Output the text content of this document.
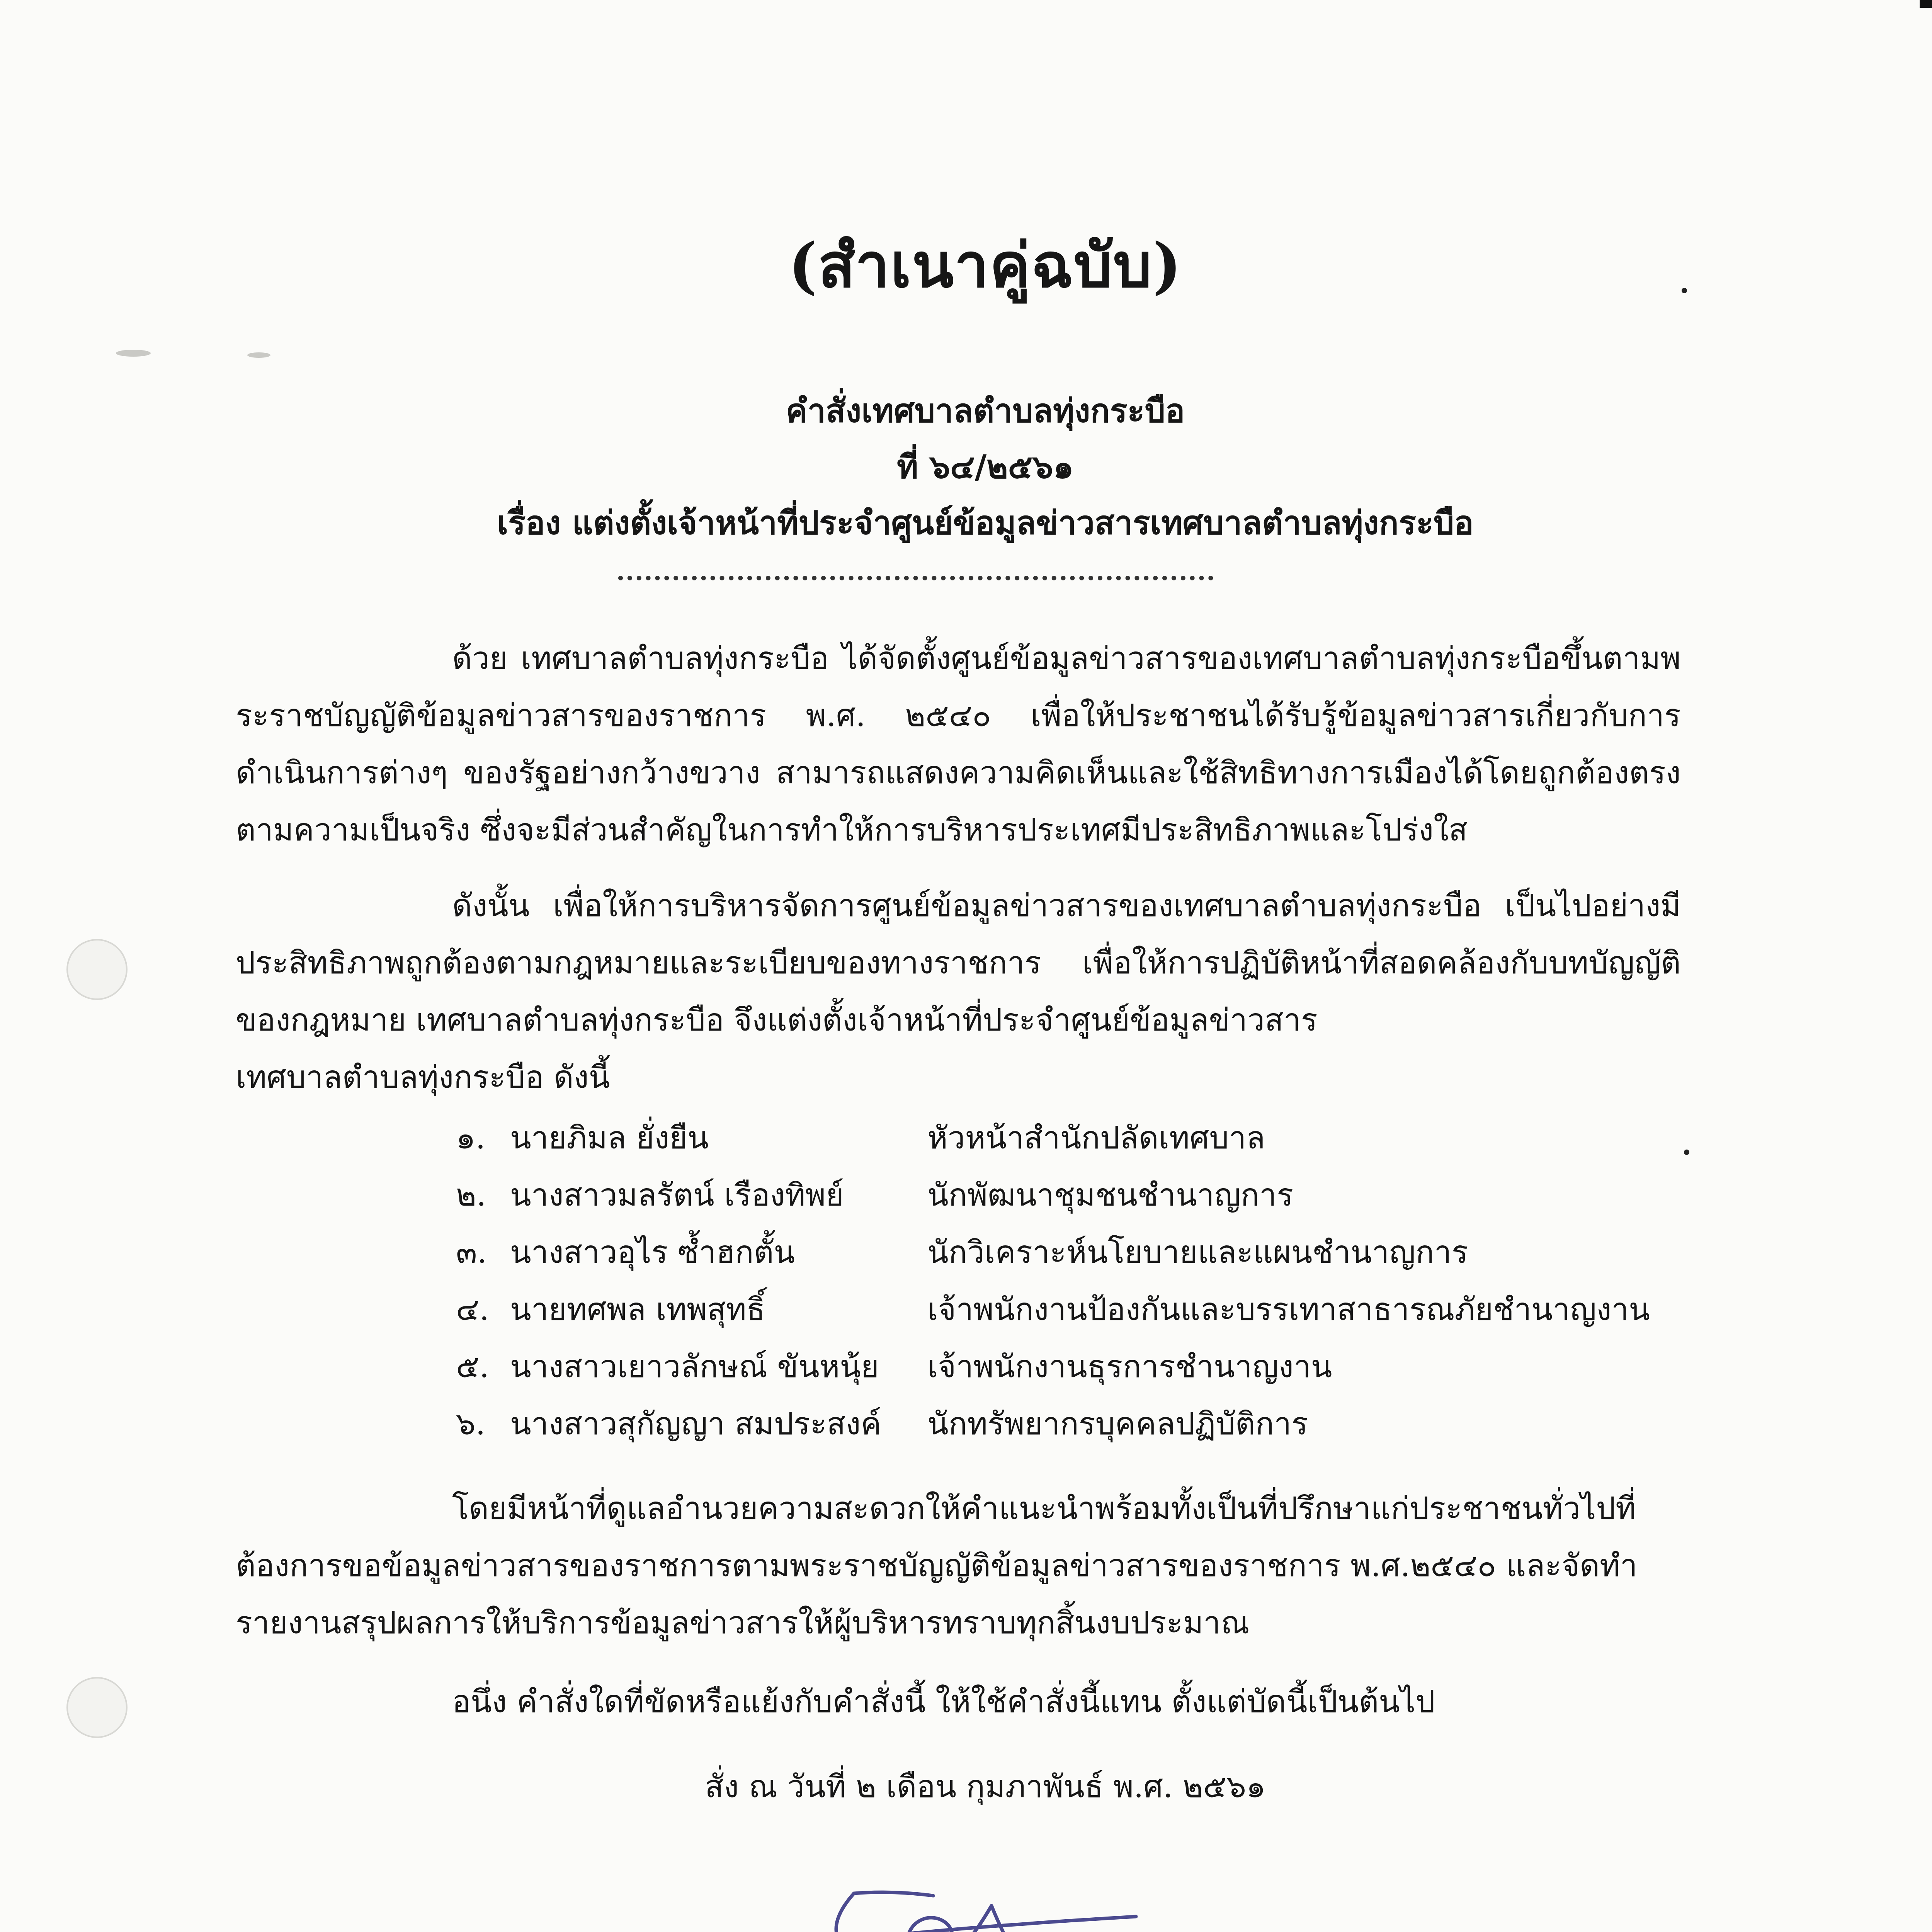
(สำเนาคู่ฉบับ)
คำสั่งเทศบาลตำบลทุ่งกระบือ
ที่ ๖๔/๒๕๖๑
เรื่อง แต่งตั้งเจ้าหน้าที่ประจำศูนย์ข้อมูลข่าวสารเทศบาลตำบลทุ่งกระบือ

ด้วย เทศบาลตำบลทุ่งกระบือ ได้จัดตั้งศูนย์ข้อมูลข่าวสารของเทศบาลตำบลทุ่งกระบือขึ้นตามพระราชบัญญัติข้อมูลข่าวสารของราชการ พ.ศ. ๒๕๔๐ เพื่อให้ประชาชนได้รับรู้ข้อมูลข่าวสารเกี่ยวกับการดำเนินการต่างๆ ของรัฐอย่างกว้างขวาง สามารถแสดงความคิดเห็นและใช้สิทธิทางการเมืองได้โดยถูกต้องตรงตามความเป็นจริง ซึ่งจะมีส่วนสำคัญในการทำให้การบริหารประเทศมีประสิทธิภาพและโปร่งใส

ดังนั้น เพื่อให้การบริหารจัดการศูนย์ข้อมูลข่าวสารของเทศบาลตำบลทุ่งกระบือ เป็นไปอย่างมีประสิทธิภาพถูกต้องตามกฎหมายและระเบียบของทางราชการ เพื่อให้การปฏิบัติหน้าที่สอดคล้องกับบทบัญญัติของกฎหมาย เทศบาลตำบลทุ่งกระบือ จึงแต่งตั้งเจ้าหน้าที่ประจำศูนย์ข้อมูลข่าวสาร

เทศบาลตำบลทุ่งกระบือ ดังนี้

๑. นายภิมล ยั่งยืน	หัวหน้าสำนักปลัดเทศบาล
๒. นางสาวมลรัตน์ เรืองทิพย์	นักพัฒนาชุมชนชำนาญการ
๓. นางสาวอุไร ซ้ำฮกตั้น	นักวิเคราะห์นโยบายและแผนชำนาญการ
๔. นายทศพล เทพสุทธิ์	เจ้าพนักงานป้องกันและบรรเทาสาธารณภัยชำนาญงาน
๕. นางสาวเยาวลักษณ์ ขันหนุ้ย	เจ้าพนักงานธุรการชำนาญงาน
๖. นางสาวสุกัญญา สมประสงค์	นักทรัพยากรบุคคลปฏิบัติการ

โดยมีหน้าที่ดูแลอำนวยความสะดวกให้คำแนะนำพร้อมทั้งเป็นที่ปรึกษาแก่ประชาชนทั่วไปที่ต้องการขอข้อมูลข่าวสารของราชการตามพระราชบัญญัติข้อมูลข่าวสารของราชการ พ.ศ.๒๕๔๐ และจัดทำ

รายงานสรุปผลการให้บริการข้อมูลข่าวสารให้ผู้บริหารทราบทุกสิ้นงบประมาณ

อนึ่ง คำสั่งใดที่ขัดหรือแย้งกับคำสั่งนี้ ให้ใช้คำสั่งนี้แทน ตั้งแต่บัดนี้เป็นต้นไป

สั่ง ณ วันที่ ๒ เดือน กุมภาพันธ์ พ.ศ. ๒๕๖๑
